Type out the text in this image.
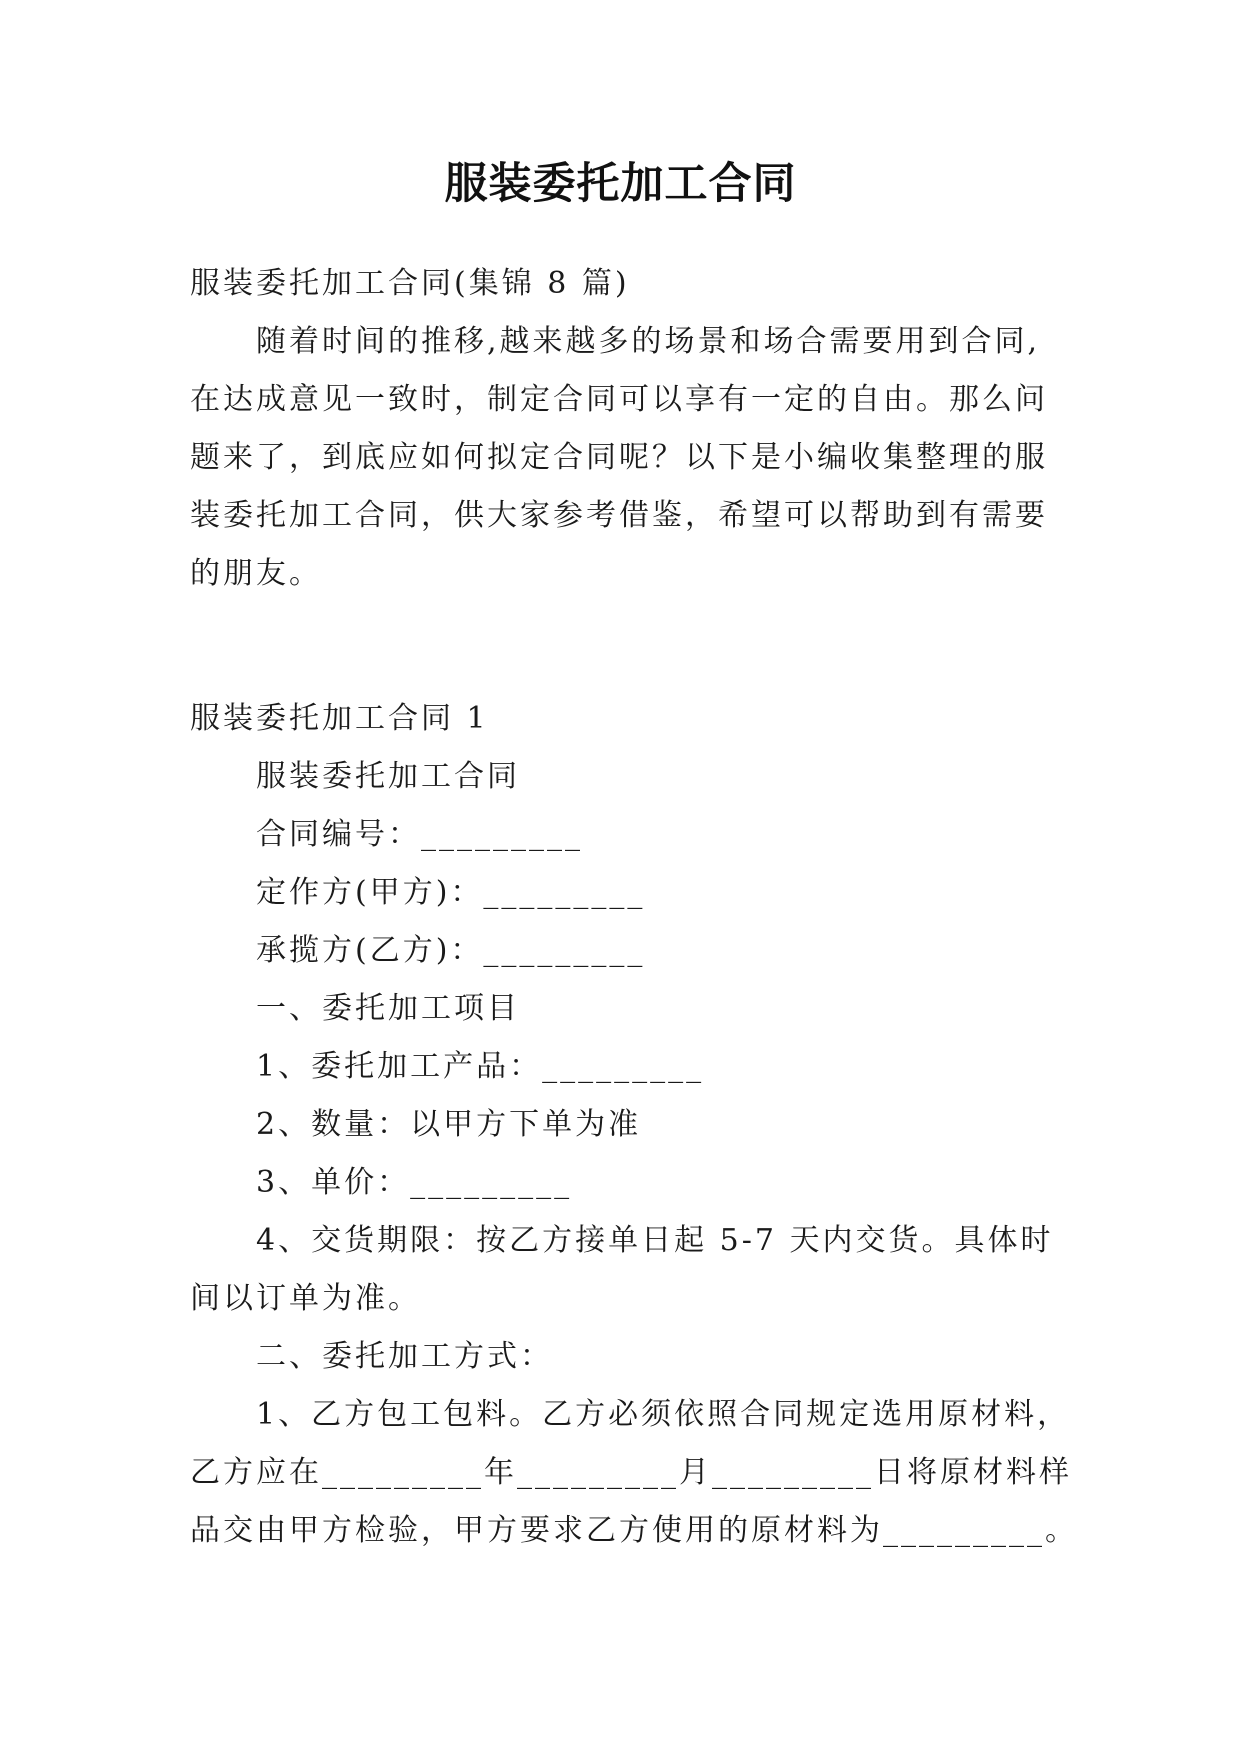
服装委托加工合同
服装委托加工合同(集锦 8 篇)
随着时间的推移,越来越多的场景和场合需要用到合同,
在达成意见一致时，制定合同可以享有一定的自由。那么问
题来了，到底应如何拟定合同呢？以下是小编收集整理的服
装委托加工合同，供大家参考借鉴，希望可以帮助到有需要
的朋友。
服装委托加工合同 1
服装委托加工合同
合同编号：_________
定作方(甲方)：_________
承揽方(乙方)：_________
一、委托加工项目
1、委托加工产品：_________
2、数量：以甲方下单为准
3、单价：_________
4、交货期限：按乙方接单日起 5-7 天内交货。具体时
间以订单为准。
二、委托加工方式：
1、乙方包工包料。乙方必须依照合同规定选用原材料，
乙方应在_________年_________月_________日将原材料样
品交由甲方检验，甲方要求乙方使用的原材料为_________。
